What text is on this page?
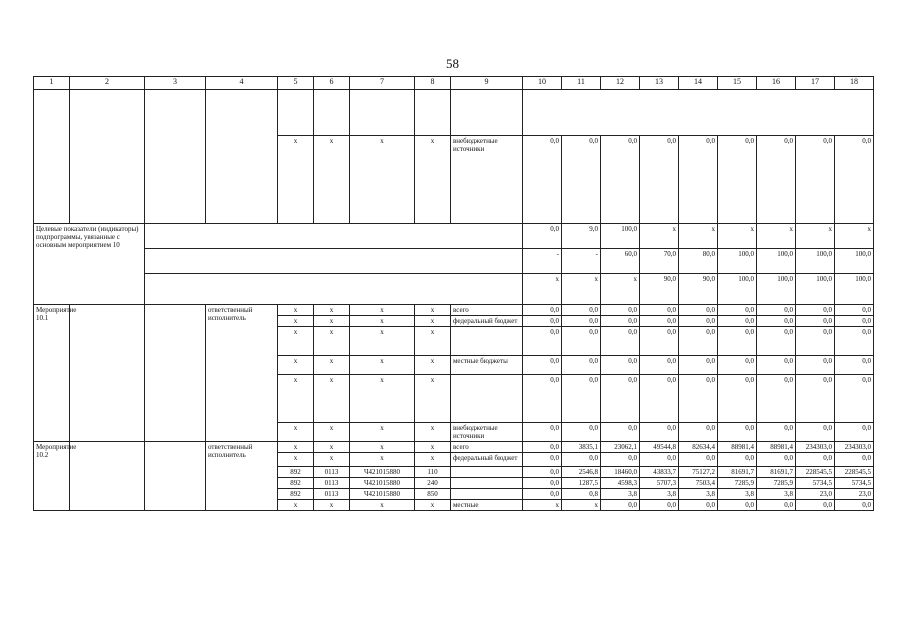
58
1	2	3	4	5	6	7	8	9	10	11	12	13	14	15	16	17	18

				x	x	x	x	внебюджетные источники	0,0	0,0	0,0	0,0	0,0	0,0	0,0	0,0	0,0
Целевые показатели (индикаторы) подпрограммы, увязанные с основным мероприятием 10									0,0	9,0	100,0	x	x	x	x	x	x
									-	-	60,0	70,0	80,0	100,0	100,0	100,0	100,0
									x	x	x	90,0	90,0	100,0	100,0	100,0	100,0
Мероприятие 10.1			ответственный исполнитель	x	x	x	x	всего	0,0	0,0	0,0	0,0	0,0	0,0	0,0	0,0	0,0
				x	x	x	x	федеральный бюджет	0,0	0,0	0,0	0,0	0,0	0,0	0,0	0,0	0,0
				x	x	x	x		0,0	0,0	0,0	0,0	0,0	0,0	0,0	0,0	0,0
				x	x	x	x	местные бюджеты	0,0	0,0	0,0	0,0	0,0	0,0	0,0	0,0	0,0
				x	x	x	x		0,0	0,0	0,0	0,0	0,0	0,0	0,0	0,0	0,0
				x	x	x	x	внебюджетные источники	0,0	0,0	0,0	0,0	0,0	0,0	0,0	0,0	0,0
Мероприятие 10.2			ответственный исполнитель	x	x	x	x	всего	0,0	3835,1	23062,1	49544,8	82634,4	88981,4	88981,4	234303,0	234303,0
				x	x	x	x	федеральный бюджет	0,0	0,0	0,0	0,0	0,0	0,0	0,0	0,0	0,0
				892	0113	Ч421015880	110		0,0	2546,8	18460,0	43833,7	75127,2	81691,7	81691,7	228545,5	228545,5
				892	0113	Ч421015880	240		0,0	1287,5	4598,3	5707,3	7503,4	7285,9	7285,9	5734,5	5734,5
				892	0113	Ч421015880	850		0,0	0,8	3,8	3,8	3,8	3,8	3,8	23,0	23,0
				x	x	x	x	местные	x	x	0,0	0,0	0,0	0,0	0,0	0,0	0,0
